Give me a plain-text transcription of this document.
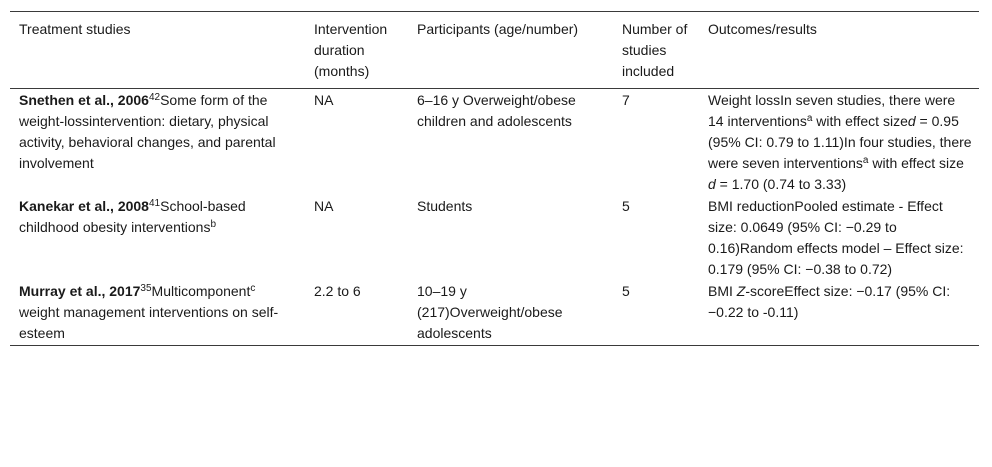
Treatment studies	Intervention duration (months)	Participants (age/number)	Number of studies included	Outcomes/results
Snethen et al., 2006$^{42}$Some form of the weight-lossintervention: dietary, physical activity, behavioral changes, and parental involvement	NA	6–16 y Overweight/obese children and adolescents	7	Weight lossIn seven studies, there were 14 interventions$^a$ with effect sized = 0.95 (95% CI: 0.79 to 1.11)In four studies, there were seven interventions$^a$ with effect size d = 1.70 (0.74 to 3.33)
Kanekar et al., 2008$^{41}$School-based childhood obesity interventions$^b$	NA	Students	5	BMI reductionPooled estimate - Effect size: 0.0649 (95% CI: −0.29 to 0.16)Random effects model – Effect size: 0.179 (95% CI: −0.38 to 0.72)
Murray et al., 2017$^{35}$Multicomponent$^c$ weight management interventions on self-esteem	2.2 to 6	10–19 y (217)Overweight/obese adolescents	5	BMI Z-scoreEffect size: −0.17 (95% CI: −0.22 to -0.11)
